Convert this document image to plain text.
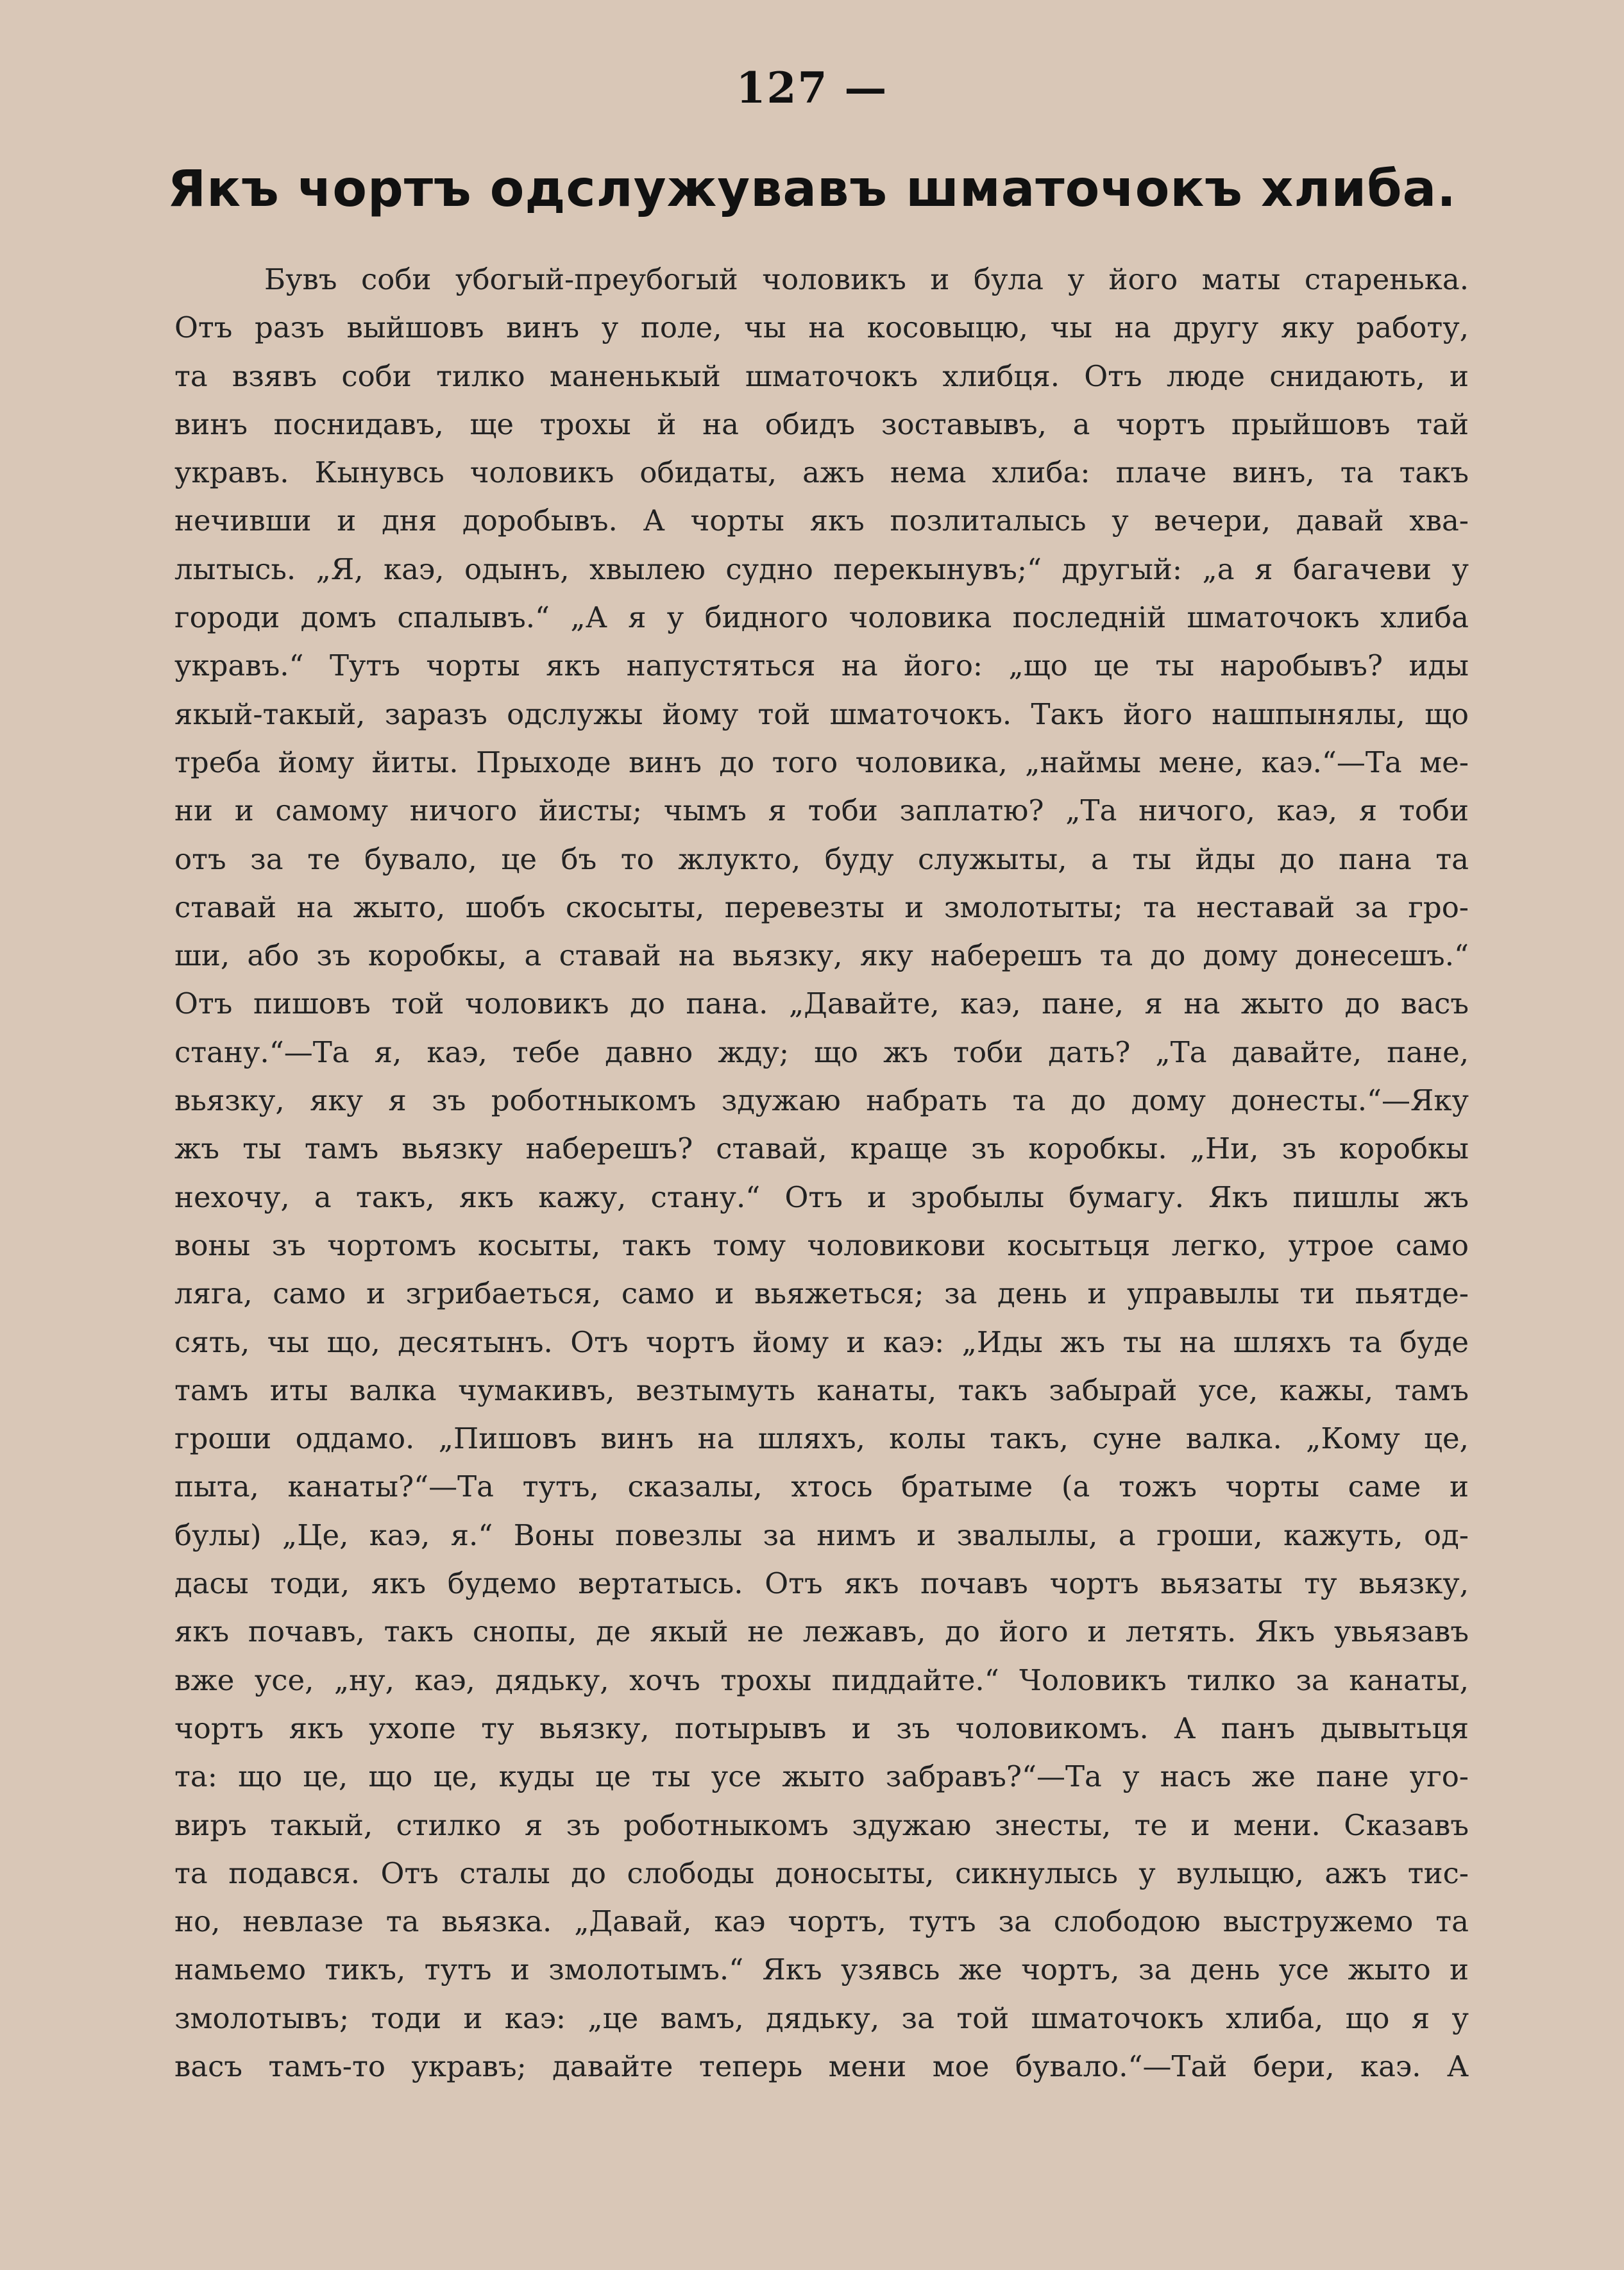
127 —
Якъ чортъ одслужувавъ шматочокъ хлиба.
Бувъ соби убогый-преубогый чоловикъ и була у його маты старенька.
Отъ разъ выйшовъ винъ у поле, чы на косовыцю, чы на другу яку работу,
та взявъ соби тилко маненькый шматочокъ хлибця. Отъ люде снидають, и
винъ поснидавъ, ще трохы й на обидъ зоставывъ, а чортъ прыйшовъ тай
укравъ. Кынувсь чоловикъ обидаты, ажъ нема хлиба: плаче винъ, та такъ
нечивши и дня доробывъ. А чорты якъ позлиталысь у вечери, давай хва-
лытысь. „Я, каэ, одынъ, хвылею судно перекынувъ;“ другый: „а я багачеви у
городи домъ спалывъ.“ „А я у бидного чоловика последній шматочокъ хлиба
укравъ.“ Тутъ чорты якъ напустяться на його: „що це ты наробывъ? иды
якый-такый, заразъ одслужы йому той шматочокъ. Такъ його нашпынялы, що
треба йому йиты. Прыходе винъ до того чоловика, „наймы мене, каэ.“—Та ме-
ни и самому ничого йисты; чымъ я тоби заплатю? „Та ничого, каэ, я тоби
отъ за те бувало, це бъ то жлукто, буду служыты, а ты йды до пана та
ставай на жыто, шобъ скосыты, перевезты и змолотыты; та неставай за гро-
ши, або зъ коробкы, а ставай на вьязку, яку наберешъ та до дому донесешъ.“
Отъ пишовъ той чоловикъ до пана. „Давайте, каэ, пане, я на жыто до васъ
стану.“—Та я, каэ, тебе давно жду; що жъ тоби дать? „Та давайте, пане,
вьязку, яку я зъ роботныкомъ здужаю набрать та до дому донесты.“—Яку
жъ ты тамъ вьязку наберешъ? ставай, краще зъ коробкы. „Ни, зъ коробкы
нехочу, а такъ, якъ кажу, стану.“ Отъ и зробылы бумагу. Якъ пишлы жъ
воны зъ чортомъ косыты, такъ тому чоловикови косытьця легко, утрое само
ляга, само и згрибаеться, само и вьяжеться; за день и управылы ти пьятде-
сять, чы що, десятынъ. Отъ чортъ йому и каэ: „Иды жъ ты на шляхъ та буде
тамъ иты валка чумакивъ, везтымуть канаты, такъ забырай усе, кажы, тамъ
гроши оддамо. „Пишовъ винъ на шляхъ, колы такъ, суне валка. „Кому це,
пыта, канаты?“—Та тутъ, сказалы, хтось братыме (а тожъ чорты саме и
булы) „Це, каэ, я.“ Воны повезлы за нимъ и звалылы, а гроши, кажуть, од-
дасы тоди, якъ будемо вертатысь. Отъ якъ почавъ чортъ вьязаты ту вьязку,
якъ почавъ, такъ снопы, де якый не лежавъ, до його и летять. Якъ увьязавъ
вже усе, „ну, каэ, дядьку, хочъ трохы пиддайте.“ Чоловикъ тилко за канаты,
чортъ якъ ухопе ту вьязку, потырывъ и зъ чоловикомъ. А панъ дывытьця
та: що це, що це, куды це ты усе жыто забравъ?“—Та у насъ же пане уго-
виръ такый, стилко я зъ роботныкомъ здужаю знесты, те и мени. Сказавъ
та подався. Отъ сталы до слободы доносыты, сикнулысь у вулыцю, ажъ тис-
но, невлазе та вьязка. „Давай, каэ чортъ, тутъ за слободою выстружемо та
намьемо тикъ, тутъ и змолотымъ.“ Якъ узявсь же чортъ, за день усе жыто и
змолотывъ; тоди и каэ: „це вамъ, дядьку, за той шматочокъ хлиба, що я у
васъ тамъ-то укравъ; давайте теперь мени мое бувало.“—Тай бери, каэ. А
